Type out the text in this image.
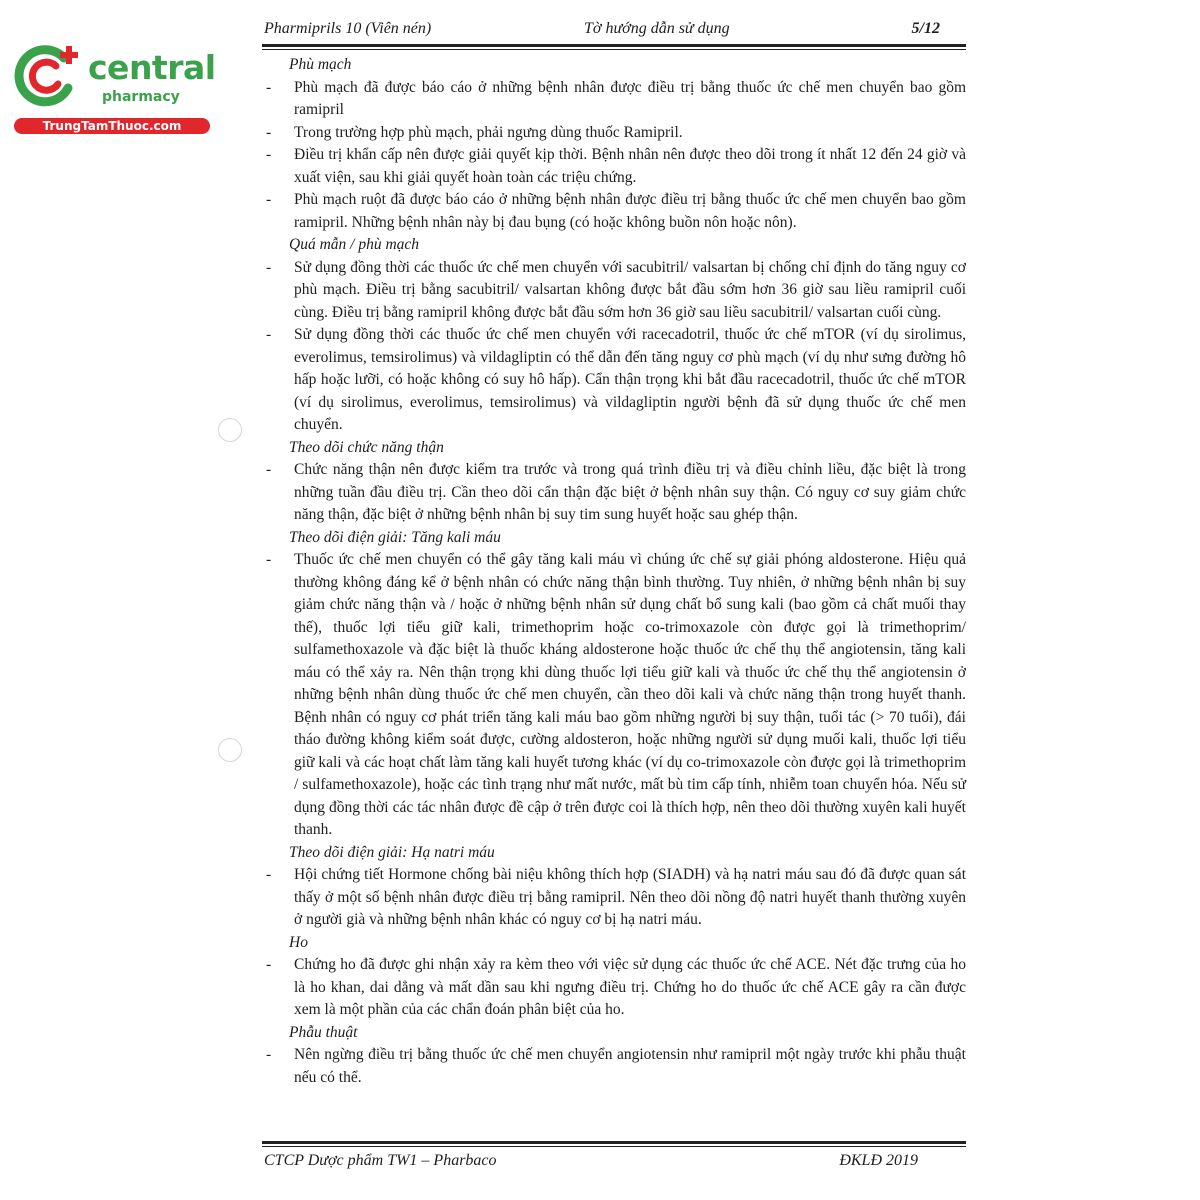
central
pharmacy
TrungTamThuoc.com
Pharmiprils 10 (Viên nén)	Tờ hướng dẫn sử dụng	5/12
Phù mạch
- Phù mạch đã được báo cáo ở những bệnh nhân được điều trị bằng thuốc ức chế men chuyển bao gồm ramipril
- Trong trường hợp phù mạch, phải ngưng dùng thuốc Ramipril.
- Điều trị khẩn cấp nên được giải quyết kịp thời. Bệnh nhân nên được theo dõi trong ít nhất 12 đến 24 giờ và xuất viện, sau khi giải quyết hoàn toàn các triệu chứng.
- Phù mạch ruột đã được báo cáo ở những bệnh nhân được điều trị bằng thuốc ức chế men chuyển bao gồm ramipril. Những bệnh nhân này bị đau bụng (có hoặc không buồn nôn hoặc nôn).
Quá mẫn / phù mạch
- Sử dụng đồng thời các thuốc ức chế men chuyển với sacubitril/ valsartan bị chống chỉ định do tăng nguy cơ phù mạch. Điều trị bằng sacubitril/ valsartan không được bắt đầu sớm hơn 36 giờ sau liều ramipril cuối cùng. Điều trị bằng ramipril không được bắt đầu sớm hơn 36 giờ sau liều sacubitril/ valsartan cuối cùng.
- Sử dụng đồng thời các thuốc ức chế men chuyển với racecadotril, thuốc ức chế mTOR (ví dụ sirolimus, everolimus, temsirolimus) và vildagliptin có thể dẫn đến tăng nguy cơ phù mạch (ví dụ như sưng đường hô hấp hoặc lưỡi, có hoặc không có suy hô hấp). Cẩn thận trọng khi bắt đầu racecadotril, thuốc ức chế mTOR (ví dụ sirolimus, everolimus, temsirolimus) và vildagliptin người bệnh đã sử dụng thuốc ức chế men chuyển.
Theo dõi chức năng thận
- Chức năng thận nên được kiểm tra trước và trong quá trình điều trị và điều chỉnh liều, đặc biệt là trong những tuần đầu điều trị. Cần theo dõi cẩn thận đặc biệt ở bệnh nhân suy thận. Có nguy cơ suy giảm chức năng thận, đặc biệt ở những bệnh nhân bị suy tim sung huyết hoặc sau ghép thận.
Theo dõi điện giải: Tăng kali máu
- Thuốc ức chế men chuyển có thể gây tăng kali máu vì chúng ức chế sự giải phóng aldosterone. Hiệu quả thường không đáng kể ở bệnh nhân có chức năng thận bình thường. Tuy nhiên, ở những bệnh nhân bị suy giảm chức năng thận và / hoặc ở những bệnh nhân sử dụng chất bổ sung kali (bao gồm cả chất muối thay thế), thuốc lợi tiểu giữ kali, trimethoprim hoặc co-trimoxazole còn được gọi là trimethoprim/ sulfamethoxazole và đặc biệt là thuốc kháng aldosterone hoặc thuốc ức chế thụ thể angiotensin, tăng kali máu có thể xảy ra. Nên thận trọng khi dùng thuốc lợi tiểu giữ kali và thuốc ức chế thụ thể angiotensin ở những bệnh nhân dùng thuốc ức chế men chuyển, cần theo dõi kali và chức năng thận trong huyết thanh. Bệnh nhân có nguy cơ phát triển tăng kali máu bao gồm những người bị suy thận, tuổi tác (> 70 tuổi), đái tháo đường không kiểm soát được, cường aldosteron, hoặc những người sử dụng muối kali, thuốc lợi tiểu giữ kali và các hoạt chất làm tăng kali huyết tương khác (ví dụ co-trimoxazole còn được gọi là trimethoprim / sulfamethoxazole), hoặc các tình trạng như mất nước, mất bù tim cấp tính, nhiễm toan chuyển hóa. Nếu sử dụng đồng thời các tác nhân được đề cập ở trên được coi là thích hợp, nên theo dõi thường xuyên kali huyết thanh.
Theo dõi điện giải: Hạ natri máu
- Hội chứng tiết Hormone chống bài niệu không thích hợp (SIADH) và hạ natri máu sau đó đã được quan sát thấy ở một số bệnh nhân được điều trị bằng ramipril. Nên theo dõi nồng độ natri huyết thanh thường xuyên ở người già và những bệnh nhân khác có nguy cơ bị hạ natri máu.
Ho
- Chứng ho đã được ghi nhận xảy ra kèm theo với việc sử dụng các thuốc ức chế ACE. Nét đặc trưng của ho là ho khan, dai dẳng và mất dần sau khi ngưng điều trị. Chứng ho do thuốc ức chế ACE gây ra cần được xem là một phần của các chẩn đoán phân biệt của ho.
Phẫu thuật
- Nên ngừng điều trị bằng thuốc ức chế men chuyển angiotensin như ramipril một ngày trước khi phẫu thuật nếu có thể.
CTCP Dược phẩm TW1 – Pharbaco	ĐKLĐ 2019
